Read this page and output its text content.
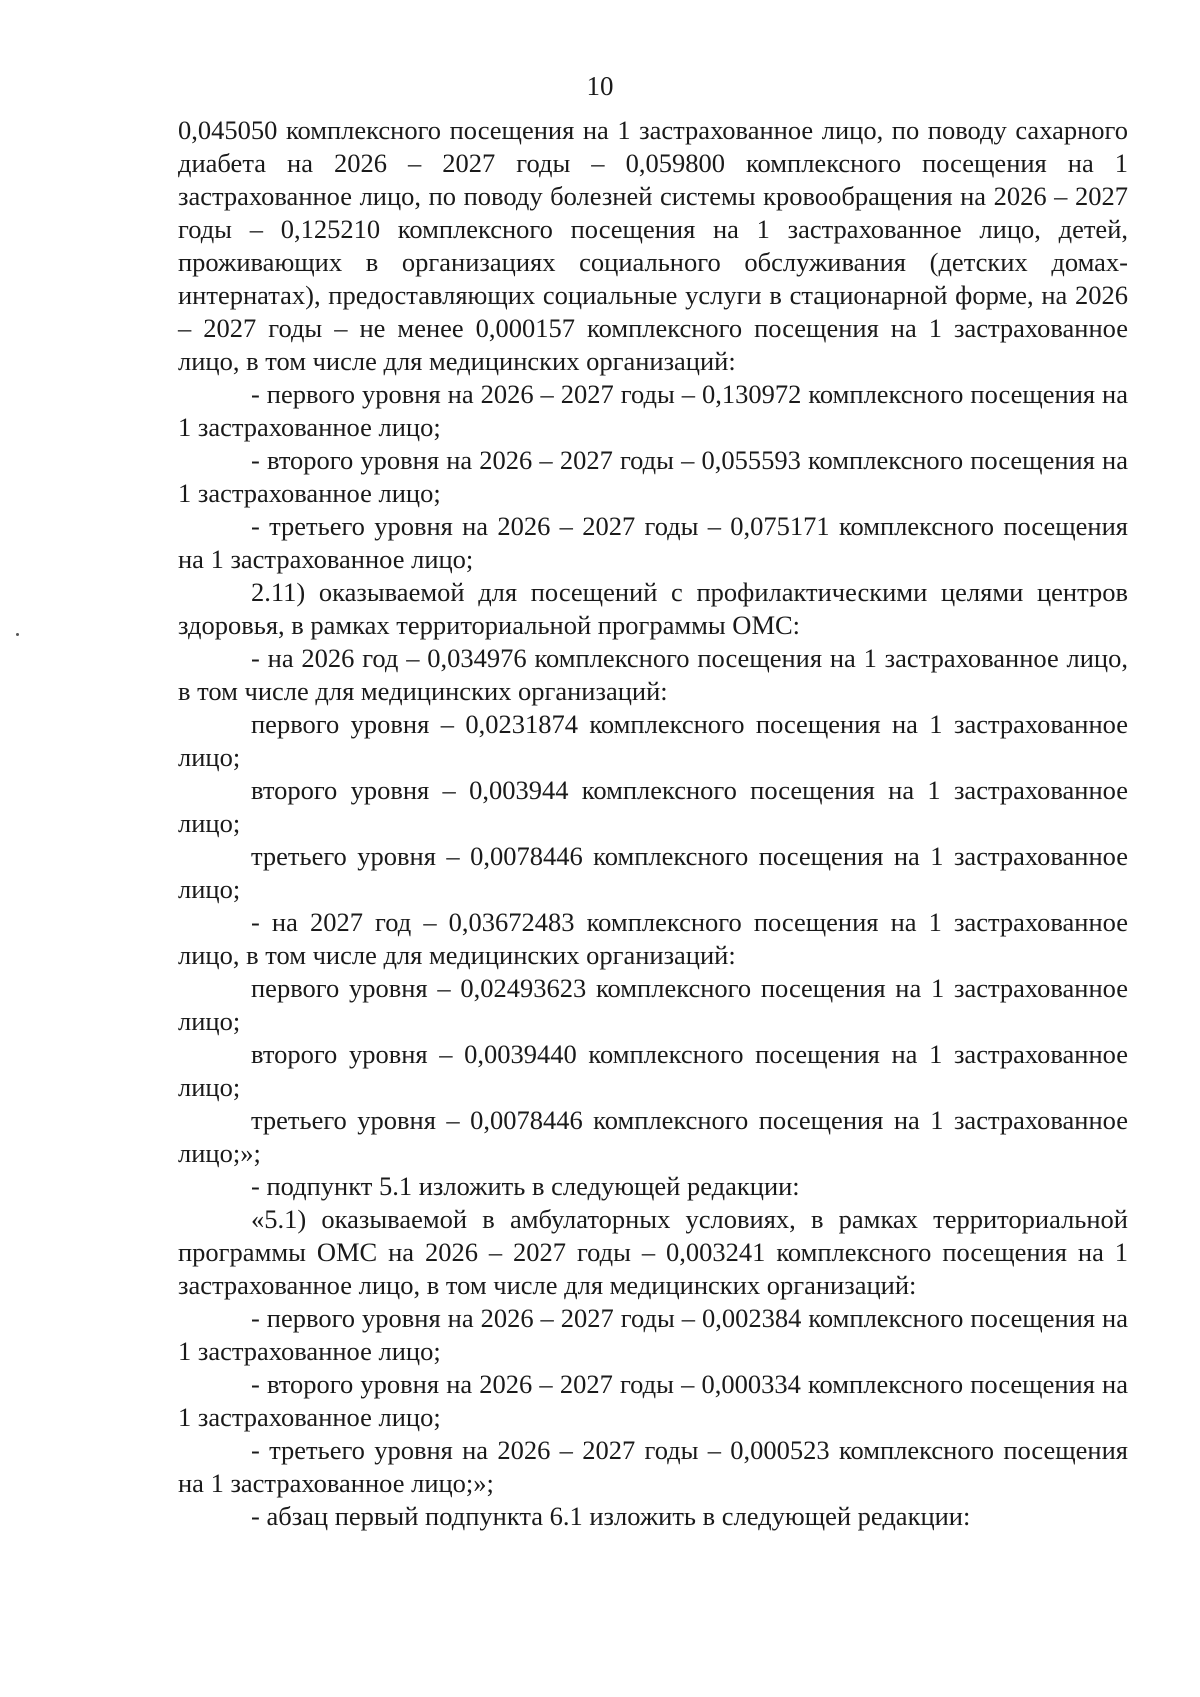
10

0,045050 комплексного посещения на 1 застрахованное лицо, по поводу сахарного диабета на 2026 – 2027 годы – 0,059800 комплексного посещения на 1 застрахованное лицо, по поводу болезней системы кровообращения на 2026 – 2027 годы – 0,125210 комплексного посещения на 1 застрахованное лицо, детей, проживающих в организациях социального обслуживания (детских домах-интернатах), предоставляющих социальные услуги в стационарной форме, на 2026 – 2027 годы – не менее 0,000157 комплексного посещения на 1 застрахованное лицо, в том числе для медицинских организаций:

- первого уровня на 2026 – 2027 годы – 0,130972 комплексного посещения на 1 застрахованное лицо;

- второго уровня на 2026 – 2027 годы – 0,055593 комплексного посещения на 1 застрахованное лицо;

- третьего уровня на 2026 – 2027 годы – 0,075171 комплексного посещения на 1 застрахованное лицо;

2.11) оказываемой для посещений с профилактическими целями центров здоровья, в рамках территориальной программы ОМС:

- на 2026 год – 0,034976 комплексного посещения на 1 застрахованное лицо, в том числе для медицинских организаций:

первого уровня – 0,0231874 комплексного посещения на 1 застрахованное лицо;

второго уровня – 0,003944 комплексного посещения на 1 застрахованное лицо;

третьего уровня – 0,0078446 комплексного посещения на 1 застрахованное лицо;

- на 2027 год – 0,03672483 комплексного посещения на 1 застрахованное лицо, в том числе для медицинских организаций:

первого уровня – 0,02493623 комплексного посещения на 1 застрахованное лицо;

второго уровня – 0,0039440 комплексного посещения на 1 застрахованное лицо;

третьего уровня – 0,0078446 комплексного посещения на 1 застрахованное лицо;»;

- подпункт 5.1 изложить в следующей редакции:

«5.1) оказываемой в амбулаторных условиях, в рамках территориальной программы ОМС на 2026 – 2027 годы – 0,003241 комплексного посещения на 1 застрахованное лицо, в том числе для медицинских организаций:

- первого уровня на 2026 – 2027 годы – 0,002384 комплексного посещения на 1 застрахованное лицо;

- второго уровня на 2026 – 2027 годы – 0,000334 комплексного посещения на 1 застрахованное лицо;

- третьего уровня на 2026 – 2027 годы – 0,000523 комплексного посещения на 1 застрахованное лицо;»;

- абзац первый подпункта 6.1 изложить в следующей редакции:
